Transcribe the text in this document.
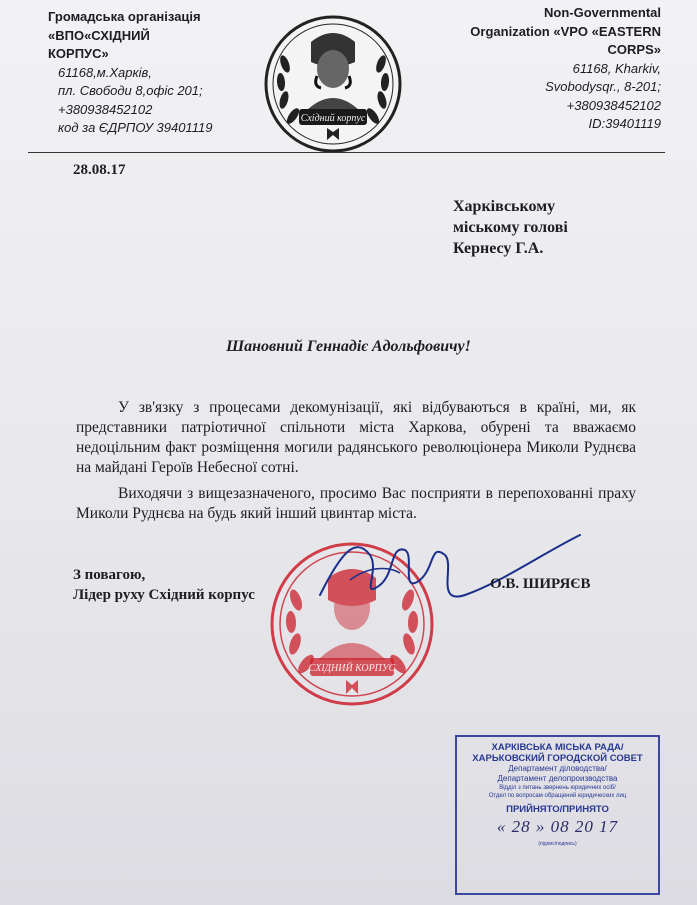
Громадська організація
«ВПО«СХІДНИЙ
КОРПУС»
61168,м.Харків,
пл. Свободи 8,офіс 201;
+380938452102
код за ЄДРПОУ 39401119
Східний корпус
Non-Governmental
Organization «VPO «EASTERN
CORPS»
61168, Kharkiv,
Svobodysqr., 8-201;
+380938452102
ID:39401119
28.08.17
Харківському
міському голові
Кернесу Г.А.
Шановний Геннадіє Адольфовичу!

У зв'язку з процесами декомунізації, які відбуваються в країні, ми, як представники патріотичної спільноти міста Харкова, обурені та вважаємо недоцільним факт розміщення могили радянського революціонера Миколи Руднєва на майдані Героїв Небесної сотні.

Виходячи з вищезазначеного, просимо Вас посприяти в перепохованні праху Миколи Руднєва на будь який інший цвинтар міста.

З повагою,
Лідер руху Східний корпус
СХІДНИЙ КОРПУС
О.В. ШИРЯЄВ
ХАРКІВСЬКА МІСЬКА РАДА/
ХАРЬКОВСКИЙ ГОРОДСКОЙ СОВЕТ
Департамент діловодства/
Департамент делопроизводства
Відділ з питань звернень юридичних осіб/
Отдел по вопросам обращений юридических лиц
ПРИЙНЯТО/ПРИНЯТО
« 28 » 08 20 17
(підпис/подпись)
